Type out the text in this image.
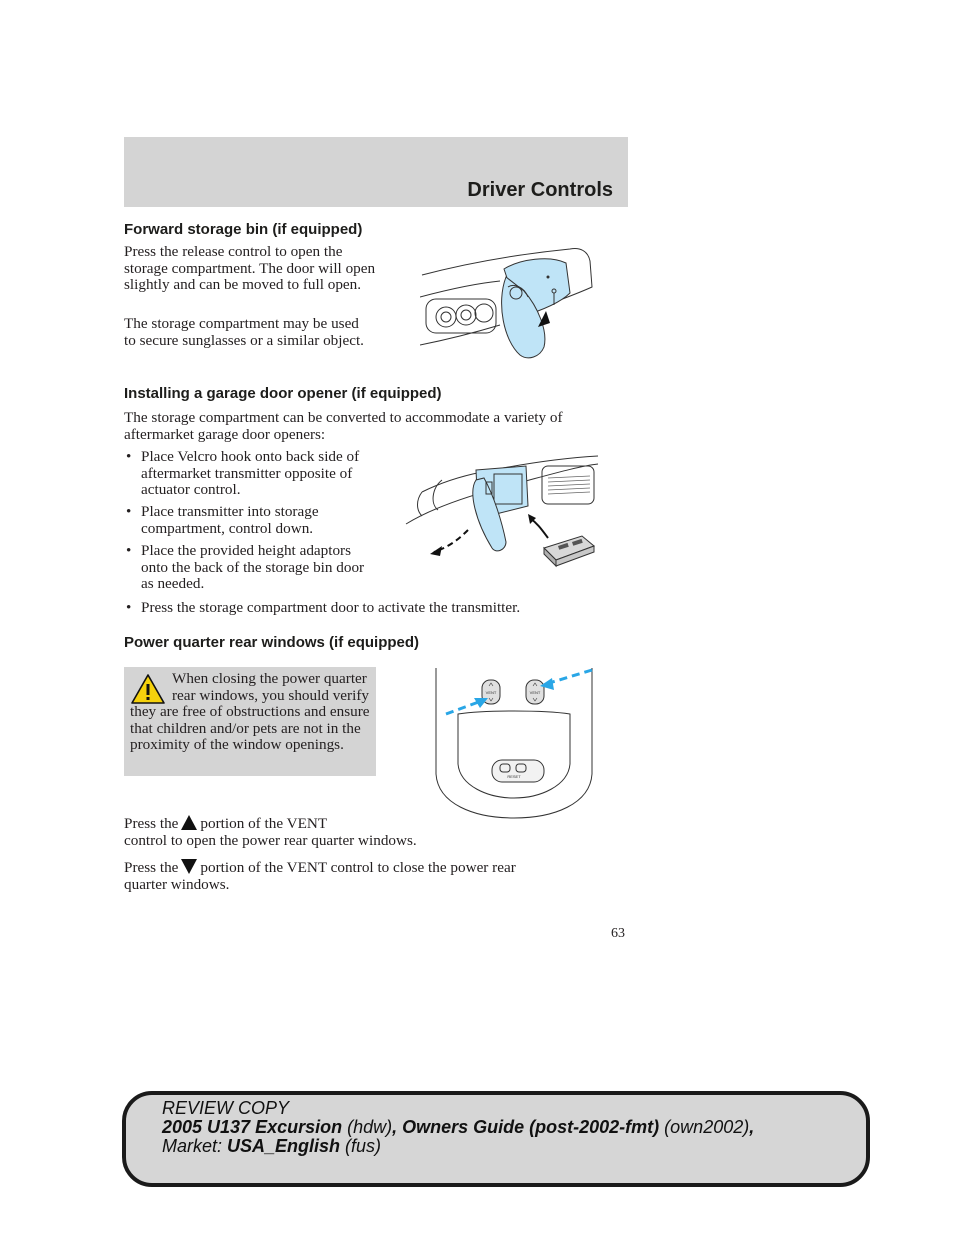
Driver Controls
Forward storage bin (if equipped)
Press the release control to open the storage compartment. The door will open slightly and can be moved to full open.
The storage compartment may be used to secure sunglasses or a similar object.
Installing a garage door opener (if equipped)
The storage compartment can be converted to accommodate a variety of aftermarket garage door openers:
• Place Velcro hook onto back side of aftermarket transmitter opposite of actuator control.
• Place transmitter into storage compartment, control down.
• Place the provided height adaptors onto the back of the storage bin door as needed.
• Press the storage compartment door to activate the transmitter.
Power quarter rear windows (if equipped)
When closing the power quarter rear windows, you should verify they are free of obstructions and ensure that children and/or pets are not in the proximity of the window openings.
VENT	VENT
RESET
Press the portion of the VENT
control to open the power rear quarter windows.
Press the portion of the VENT control to close the power rear
quarter windows.
63
REVIEW COPY
2005 U137 Excursion (hdw), Owners Guide (post-2002-fmt) (own2002),
Market: USA_English (fus)
